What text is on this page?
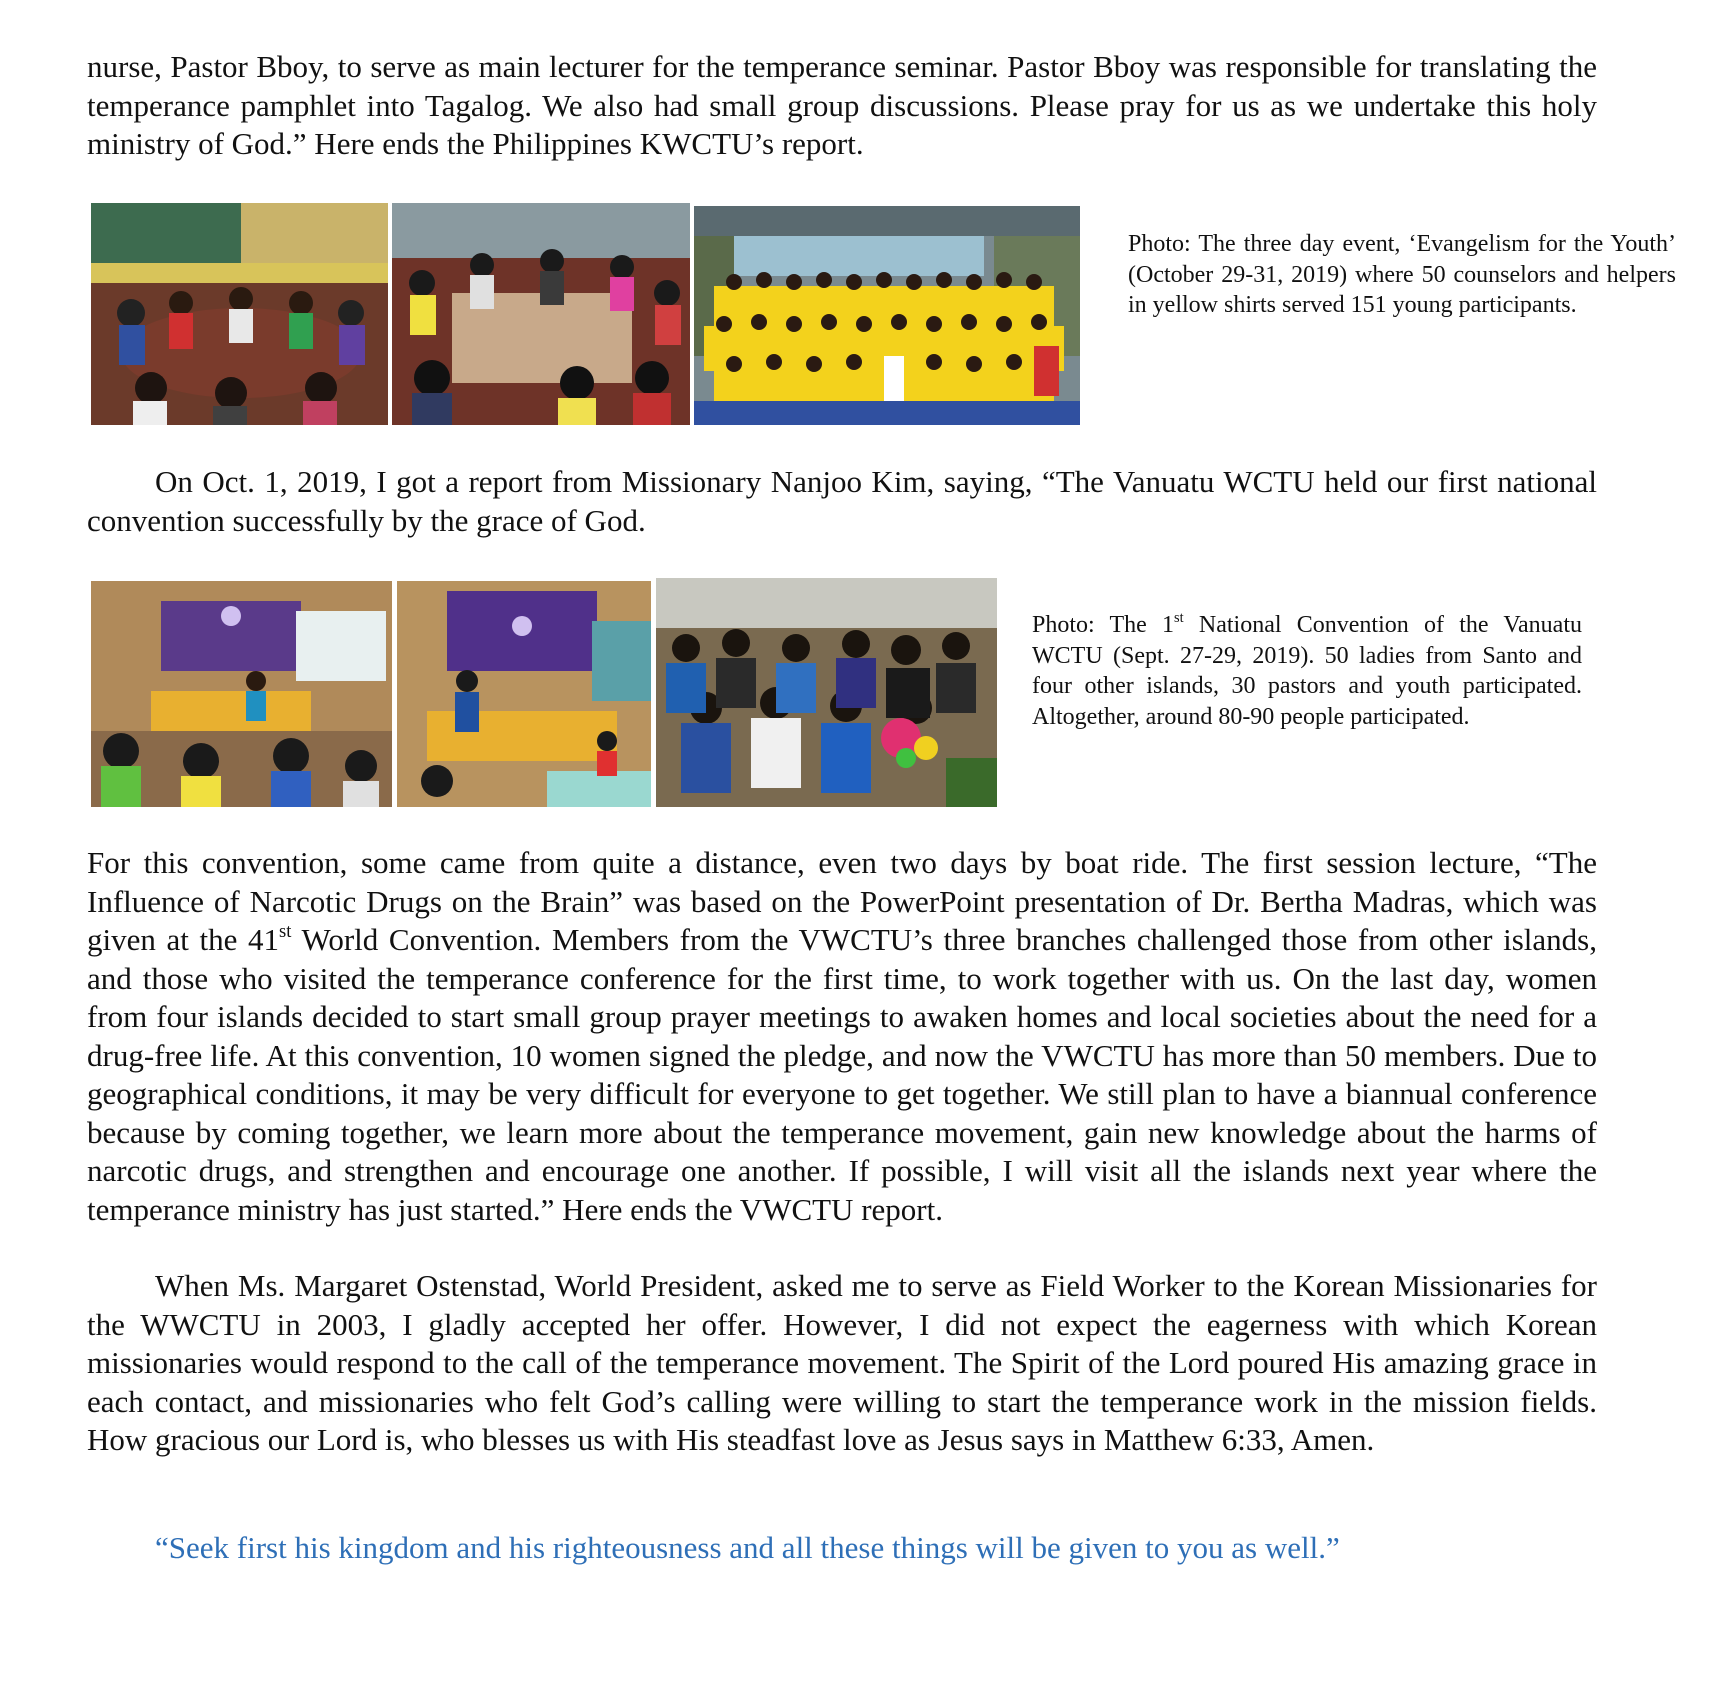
nurse, Pastor Bboy, to serve as main lecturer for the temperance seminar. Pastor Bboy was responsible for translating the temperance pamphlet into Tagalog. We also had small group discussions. Please pray for us as we undertake this holy ministry of God.” Here ends the Philippines KWCTU’s report.

Photo: The three day event, ‘Evangelism for the Youth’ (October 29-31, 2019) where 50 counselors and helpers in yellow shirts served 151 young participants.

On Oct. 1, 2019, I got a report from Missionary Nanjoo Kim, saying, “The Vanuatu WCTU held our first national convention successfully by the grace of God.

Photo: The 1st National Convention of the Vanuatu WCTU (Sept. 27-29, 2019). 50 ladies from Santo and four other islands, 30 pastors and youth participated. Altogether, around 80-90 people participated.

For this convention, some came from quite a distance, even two days by boat ride. The first session lecture, “The Influence of Narcotic Drugs on the Brain” was based on the PowerPoint presentation of Dr. Bertha Madras, which was given at the 41st World Convention. Members from the VWCTU’s three branches challenged those from other islands, and those who visited the temperance conference for the first time, to work together with us. On the last day, women from four islands decided to start small group prayer meetings to awaken homes and local societies about the need for a drug-free life. At this convention, 10 women signed the pledge, and now the VWCTU has more than 50 members. Due to geographical conditions, it may be very difficult for everyone to get together. We still plan to have a biannual conference because by coming together, we learn more about the temperance movement, gain new knowledge about the harms of narcotic drugs, and strengthen and encourage one another. If possible, I will visit all the islands next year where the temperance ministry has just started.” Here ends the VWCTU report.

When Ms. Margaret Ostenstad, World President, asked me to serve as Field Worker to the Korean Missionaries for the WWCTU in 2003, I gladly accepted her offer. However, I did not expect the eagerness with which Korean missionaries would respond to the call of the temperance movement. The Spirit of the Lord poured His amazing grace in each contact, and missionaries who felt God’s calling were willing to start the temperance work in the mission fields. How gracious our Lord is, who blesses us with His steadfast love as Jesus says in Matthew 6:33, Amen.

“Seek first his kingdom and his righteousness and all these things will be given to you as well.”
